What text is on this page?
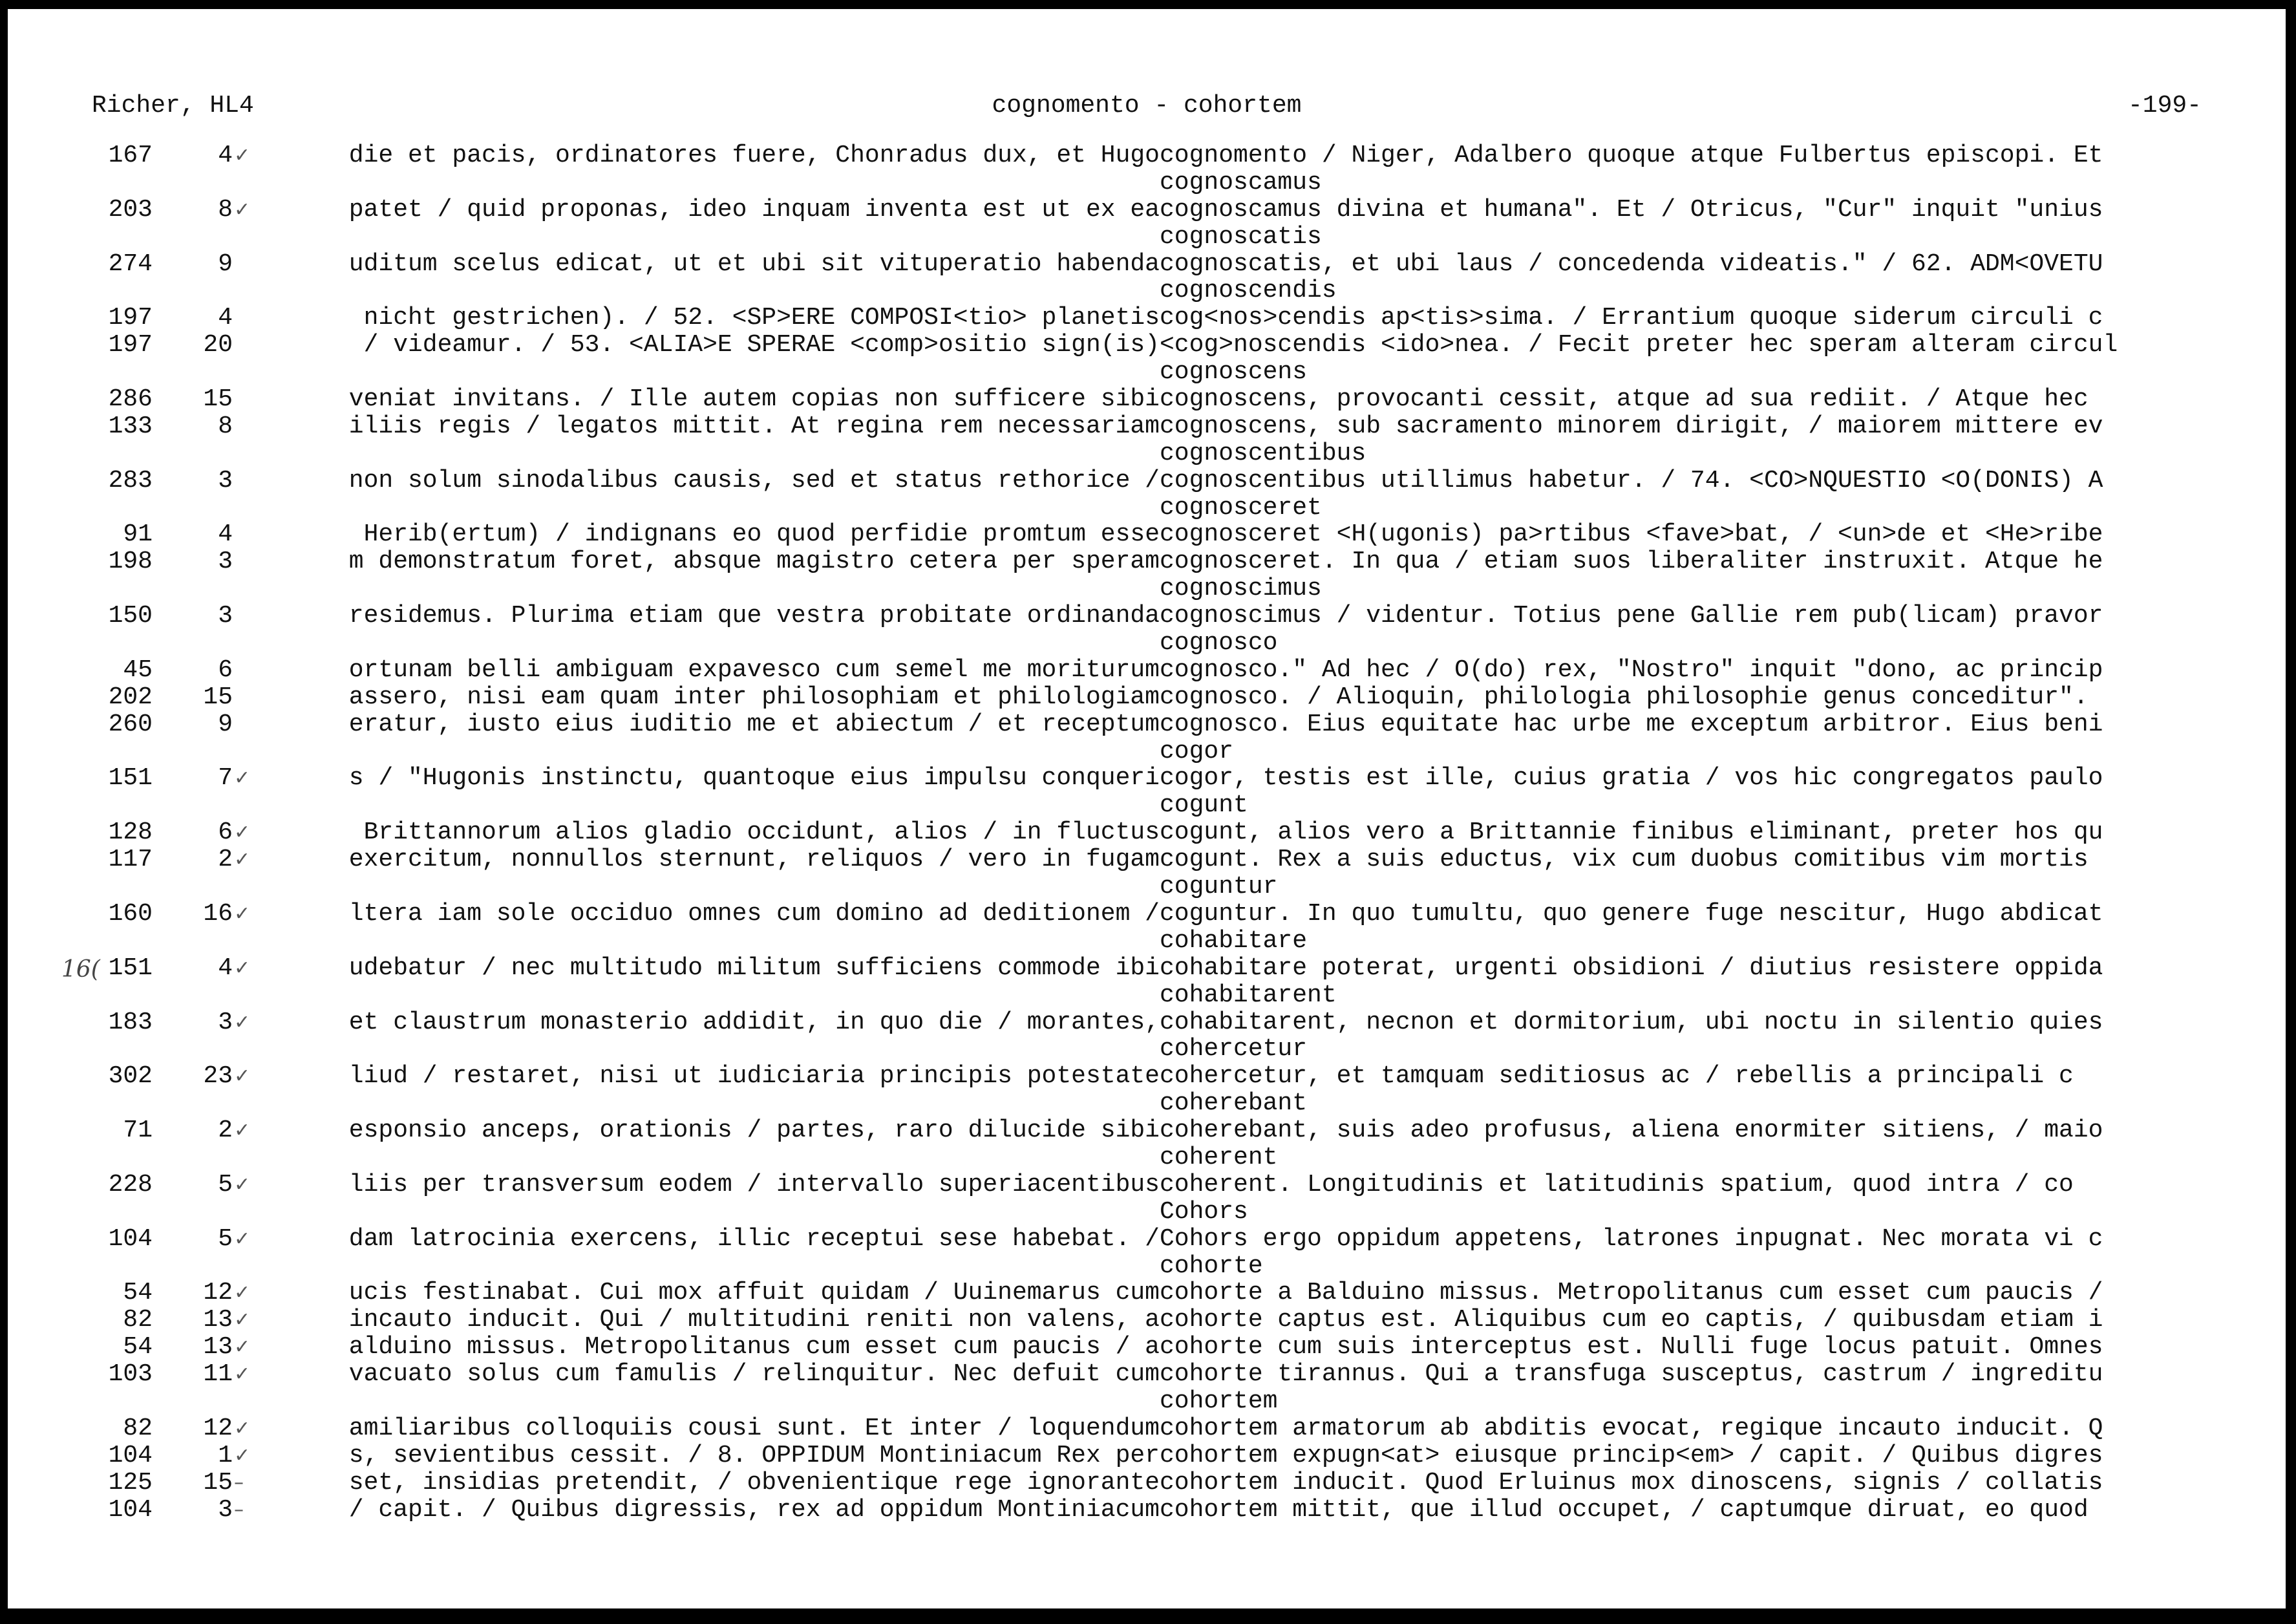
Richer, HL4	cognomento - cohortem	-199-
167	4 ✓	die et pacis, ordinatores fuere, Chonradus dux, et Hugo cognomento / Niger, Adalbero quoque atque Fulbertus episcopi. Et
cognoscamus
203	8 ✓	patet / quid proponas, ideo inquam inventa est ut ex ea cognoscamus divina et humana". Et / Otricus, "Cur" inquit "unius
cognoscatis
274	9	uditum scelus edicat, ut et ubi sit vituperatio habenda cognoscatis, et ubi laus / concedenda videatis." / 62. ADM<OVETU
cognoscendis
197	4	nicht gestrichen). / 52. <SP>ERE COMPOSI<tio> planetis cog<nos>cendis ap<tis>sima. / Errantium quoque siderum circuli c
197 20	/ videamur. / 53. <ALIA>E SPERAE <comp>ositio sign(is) <cog>noscendis <ido>nea. / Fecit preter hec speram alteram circul
cognoscens
286 15	veniat invitans. / Ille autem copias non sufficere sibi cognoscens, provocanti cessit, atque ad sua rediit. / Atque hec
133	8	iliis regis / legatos mittit. At regina rem necessariam cognoscens, sub sacramento minorem dirigit, / maiorem mittere ev
cognoscentibus
283	3	non solum sinodalibus causis, sed et status rethorice / cognoscentibus utillimus habetur. / 74. <CO>NQUESTIO <O(DONIS) A
cognosceret
91	4	Herib(ertum) / indignans eo quod perfidie promtum esse cognosceret <H(ugonis) pa>rtibus <fave>bat, / <un>de et <He>ribe
198	3	m demonstratum foret, absque magistro cetera per speram cognosceret. In qua / etiam suos liberaliter instruxit. Atque he
cognoscimus
150	3	residemus. Plurima etiam que vestra probitate ordinanda cognoscimus / videntur. Totius pene Gallie rem pub(licam) pravor
cognosco
45	6	ortunam belli ambiguam expavesco cum semel me moriturum cognosco." Ad hec / O(do) rex, "Nostro" inquit "dono, ac princip
202 15	assero, nisi eam quam inter philosophiam et philologiam cognosco. / Alioquin, philologia philosophie genus conceditur".
260	9	eratur, iusto eius iuditio me et abiectum / et receptum cognosco. Eius equitate hac urbe me exceptum arbitror. Eius beni
cogor
151	7 ✓	s / "Hugonis instinctu, quantoque eius impulsu conqueri cogor, testis est ille, cuius gratia / vos hic congregatos paulo
cogunt
128	6 ✓	Brittannorum alios gladio occidunt, alios / in fluctus cogunt, alios vero a Brittannie finibus eliminant, preter hos qu
117	2 ✓	exercitum, nonnullos sternunt, reliquos / vero in fugam cogunt. Rex a suis eductus, vix cum duobus comitibus vim mortis
coguntur
160 16 ✓	ltera iam sole occiduo omnes cum domino ad deditionem / coguntur. In quo tumultu, quo genere fuge nescitur, Hugo abdicat
cohabitare
151	4 ✓	udebatur / nec multitudo militum sufficiens commode ibi cohabitare poterat, urgenti obsidioni / diutius resistere oppida
cohabitarent
183	3 ✓	et claustrum monasterio addidit, in quo die / morantes, cohabitarent, necnon et dormitorium, ubi noctu in silentio quies
cohercetur
302 23 ✓	liud / restaret, nisi ut iudiciaria principis potestate cohercetur, et tamquam seditiosus ac / rebellis a principali c
coherebant
71	2 ✓	esponsio anceps, orationis / partes, raro dilucide sibi coherebant, suis adeo profusus, aliena enormiter sitiens, / maio
coherent
228	5 ✓	liis per transversum eodem / intervallo superiacentibus coherent. Longitudinis et latitudinis spatium, quod intra / co
Cohors
104	5 ✓	dam latrocinia exercens, illic receptui sese habebat. / Cohors ergo oppidum appetens, latrones inpugnat. Nec morata vi c
cohorte
54 12 ✓	ucis festinabat. Cui mox affuit quidam / Uuinemarus cum cohorte a Balduino missus. Metropolitanus cum esset cum paucis /
82 13 ✓	incauto inducit. Qui / multitudini reniti non valens, a cohorte captus est. Aliquibus cum eo captis, / quibusdam etiam i
54 13 ✓	alduino missus. Metropolitanus cum esset cum paucis / a cohorte cum suis interceptus est. Nulli fuge locus patuit. Omnes
103 11 ✓	vacuato solus cum famulis / relinquitur. Nec defuit cum cohorte tirannus. Qui a transfuga susceptus, castrum / ingreditu
cohortem
82 12 ✓	amiliaribus colloquiis cousi sunt. Et inter / loquendum cohortem armatorum ab abditis evocat, regique incauto inducit. Q
104	1 ✓	s, sevientibus cessit. / 8. OPPIDUM Montiniacum Rex per cohortem expugn<at> eiusque princip<em> / capit. / Quibus digres
125 15 –	set, insidias pretendit, / obvenientique rege ignorante cohortem inducit. Quod Erluinus mox dinoscens, signis / collatis
104	3 –	/ capit. / Quibus digressis, rex ad oppidum Montiniacum cohortem mittit, que illud occupet, / captumque diruat, eo quod
16(
